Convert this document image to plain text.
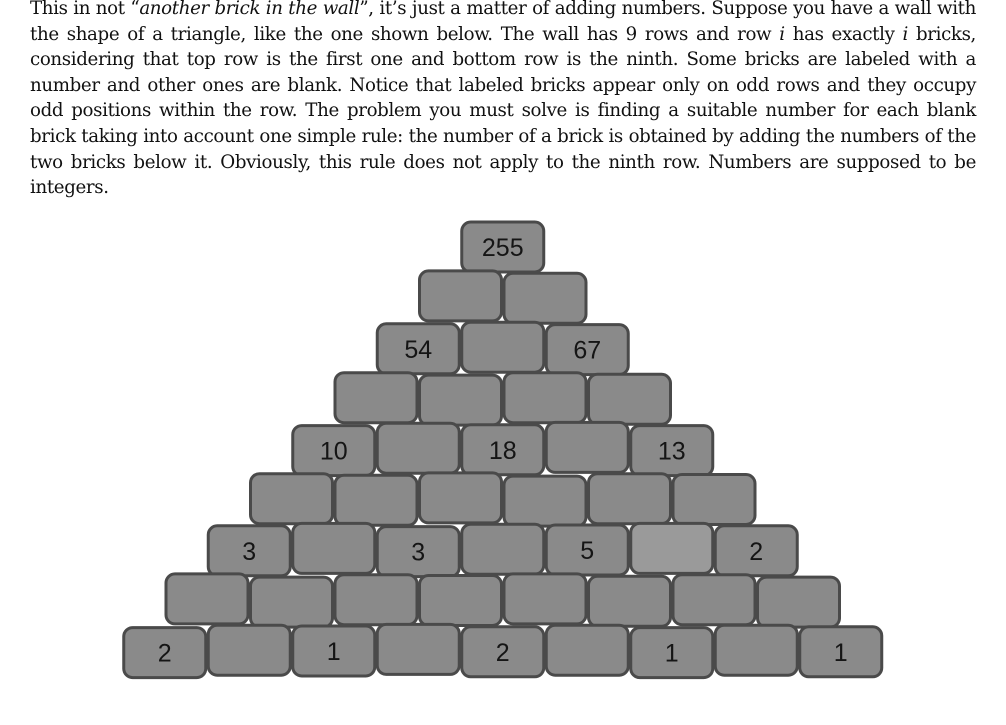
This in not “another brick in the wall”, it’s just a matter of adding numbers. Suppose you have a wall with the shape of a triangle, like the one shown below. The wall has 9 rows and row i has exactly i bricks, considering that top row is the first one and bottom row is the ninth. Some bricks are labeled with a number and other ones are blank. Notice that labeled bricks appear only on odd rows and they occupy odd positions within the row. The problem you must solve is finding a suitable number for each blank brick taking into account one simple rule: the number of a brick is obtained by adding the numbers of the two bricks below it. Obviously, this rule does not apply to the ninth row. Numbers are supposed to be integers.

255
54	67
10	18	13
3	3	5	2
2	1	2	1	1
